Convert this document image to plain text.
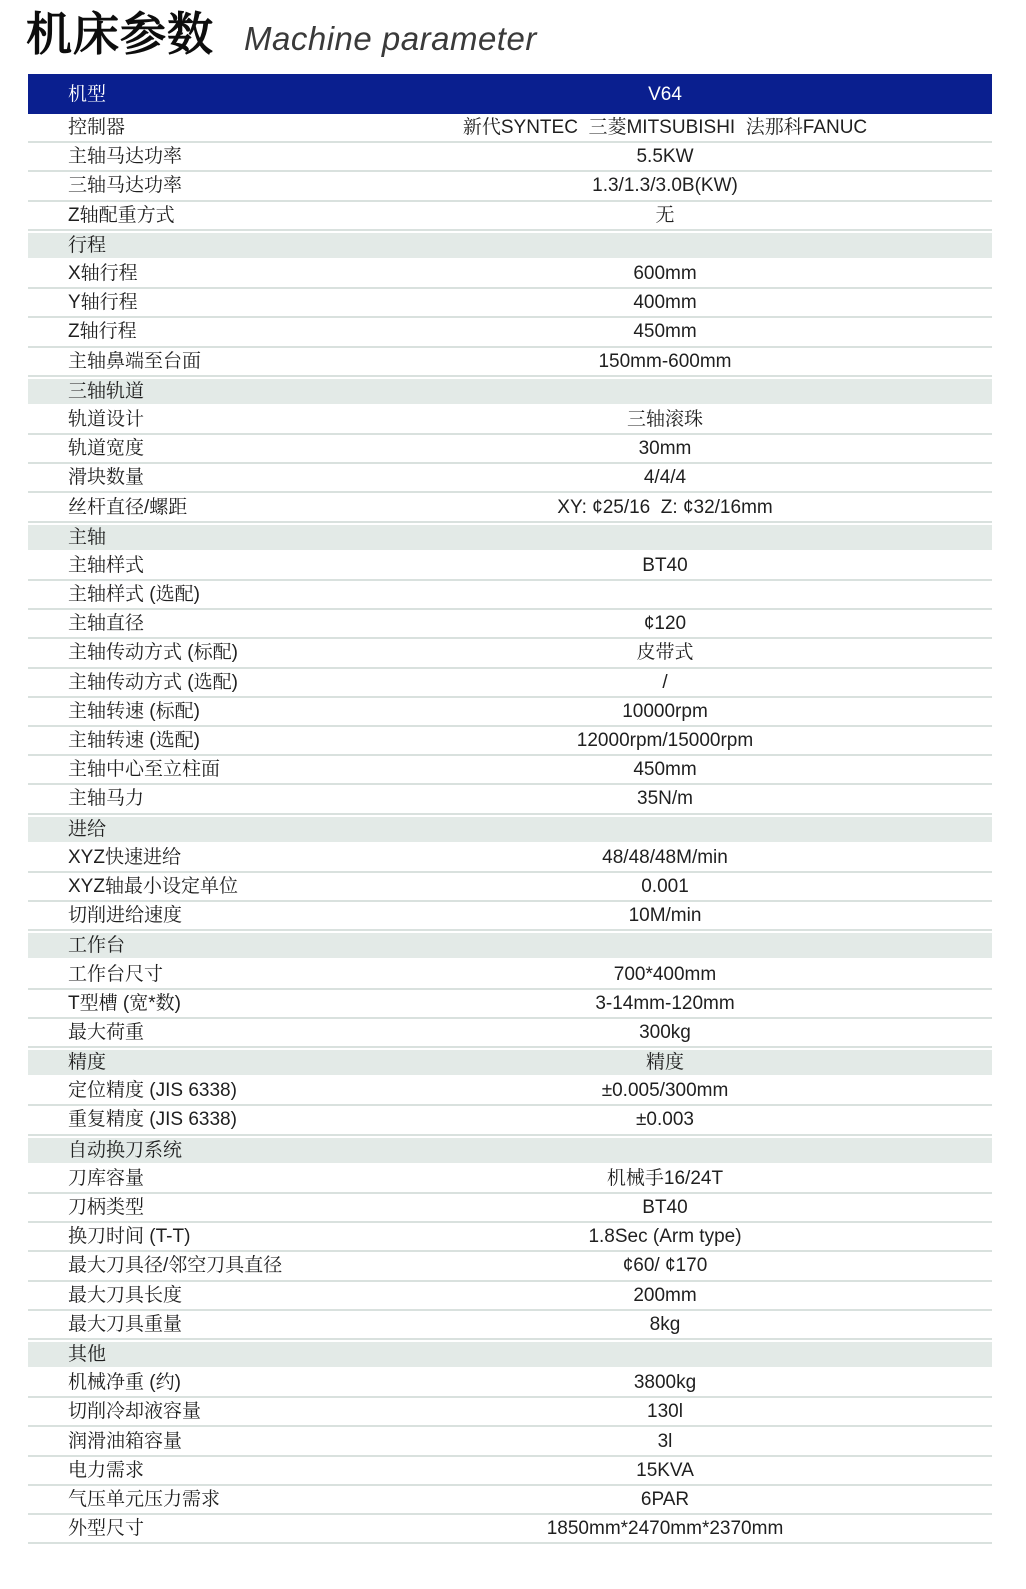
机床参数 Machine parameter
机型	V64
控制器	新代SYNTEC  三菱MITSUBISHI  法那科FANUC
主轴马达功率	5.5KW
三轴马达功率	1.3/1.3/3.0B(KW)
Z轴配重方式	无
行程
X轴行程	600mm
Y轴行程	400mm
Z轴行程	450mm
主轴鼻端至台面	150mm-600mm
三轴轨道
轨道设计	三轴滚珠
轨道宽度	30mm
滑块数量	4/4/4
丝杆直径/螺距	XY: ¢25/16  Z: ¢32/16mm
主轴
主轴样式	BT40
主轴样式 (选配)
主轴直径	¢120
主轴传动方式 (标配)	皮带式
主轴传动方式 (选配)	/
主轴转速 (标配)	10000rpm
主轴转速 (选配)	12000rpm/15000rpm
主轴中心至立柱面	450mm
主轴马力	35N/m
进给
XYZ快速进给	48/48/48M/min
XYZ轴最小设定单位	0.001
切削进给速度	10M/min
工作台
工作台尺寸	700*400mm
T型槽 (宽*数)	3-14mm-120mm
最大荷重	300kg
精度	精度
定位精度 (JIS 6338)	±0.005/300mm
重复精度 (JIS 6338)	±0.003
自动换刀系统
刀库容量	机械手16/24T
刀柄类型	BT40
换刀时间 (T-T)	1.8Sec (Arm type)
最大刀具径/邻空刀具直径	¢60/ ¢170
最大刀具长度	200mm
最大刀具重量	8kg
其他
机械净重 (约)	3800kg
切削冷却液容量	130l
润滑油箱容量	3l
电力需求	15KVA
气压单元压力需求	6PAR
外型尺寸	1850mm*2470mm*2370mm
